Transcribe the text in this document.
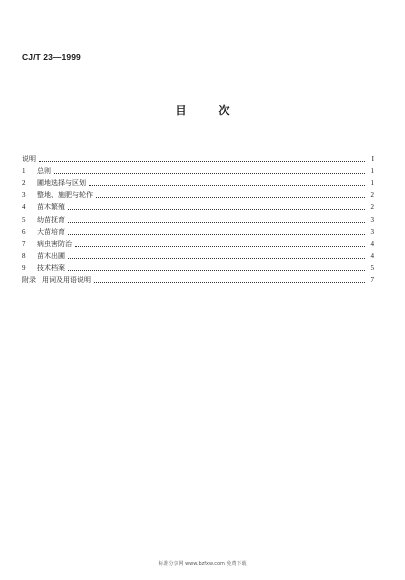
CJ/T 23—1999
目次
说明	I
1	总则	1
2	圃地选择与区划	1
3	整地、施肥与轮作	2
4	苗木繁殖	2
5	幼苗抚育	3
6	大苗培育	3
7	病虫害防治	4
8	苗木出圃	4
9	技术档案	5
附录 用词及用语说明	7
标准分享网 www.bzfxw.com 免费下载
